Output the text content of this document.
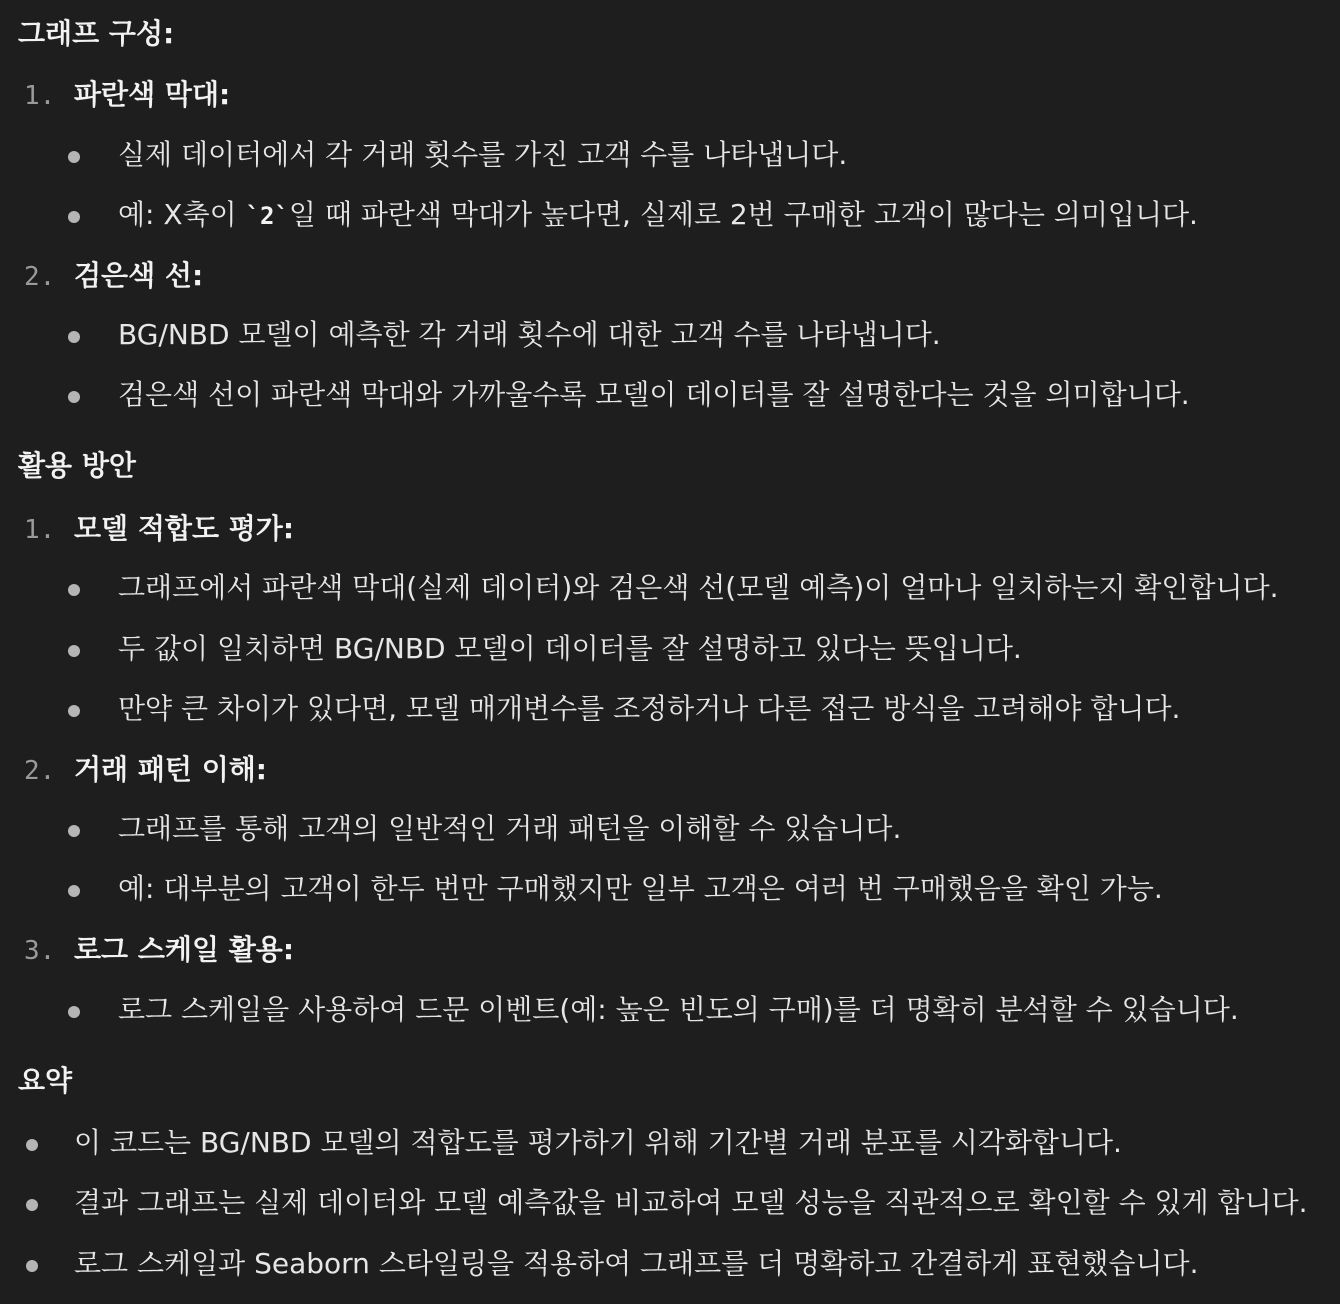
그래프 구성:
1. 파란색 막대:
실제 데이터에서 각 거래 횟수를 가진 고객 수를 나타냅니다.
예: X축이 `2`일 때 파란색 막대가 높다면, 실제로 2번 구매한 고객이 많다는 의미입니다.
2. 검은색 선:
BG/NBD 모델이 예측한 각 거래 횟수에 대한 고객 수를 나타냅니다.
검은색 선이 파란색 막대와 가까울수록 모델이 데이터를 잘 설명한다는 것을 의미합니다.
활용 방안
1. 모델 적합도 평가:
그래프에서 파란색 막대(실제 데이터)와 검은색 선(모델 예측)이 얼마나 일치하는지 확인합니다.
두 값이 일치하면 BG/NBD 모델이 데이터를 잘 설명하고 있다는 뜻입니다.
만약 큰 차이가 있다면, 모델 매개변수를 조정하거나 다른 접근 방식을 고려해야 합니다.
2. 거래 패턴 이해:
그래프를 통해 고객의 일반적인 거래 패턴을 이해할 수 있습니다.
예: 대부분의 고객이 한두 번만 구매했지만 일부 고객은 여러 번 구매했음을 확인 가능.
3. 로그 스케일 활용:
로그 스케일을 사용하여 드문 이벤트(예: 높은 빈도의 구매)를 더 명확히 분석할 수 있습니다.
요약
이 코드는 BG/NBD 모델의 적합도를 평가하기 위해 기간별 거래 분포를 시각화합니다.
결과 그래프는 실제 데이터와 모델 예측값을 비교하여 모델 성능을 직관적으로 확인할 수 있게 합니다.
로그 스케일과 Seaborn 스타일링을 적용하여 그래프를 더 명확하고 간결하게 표현했습니다.
